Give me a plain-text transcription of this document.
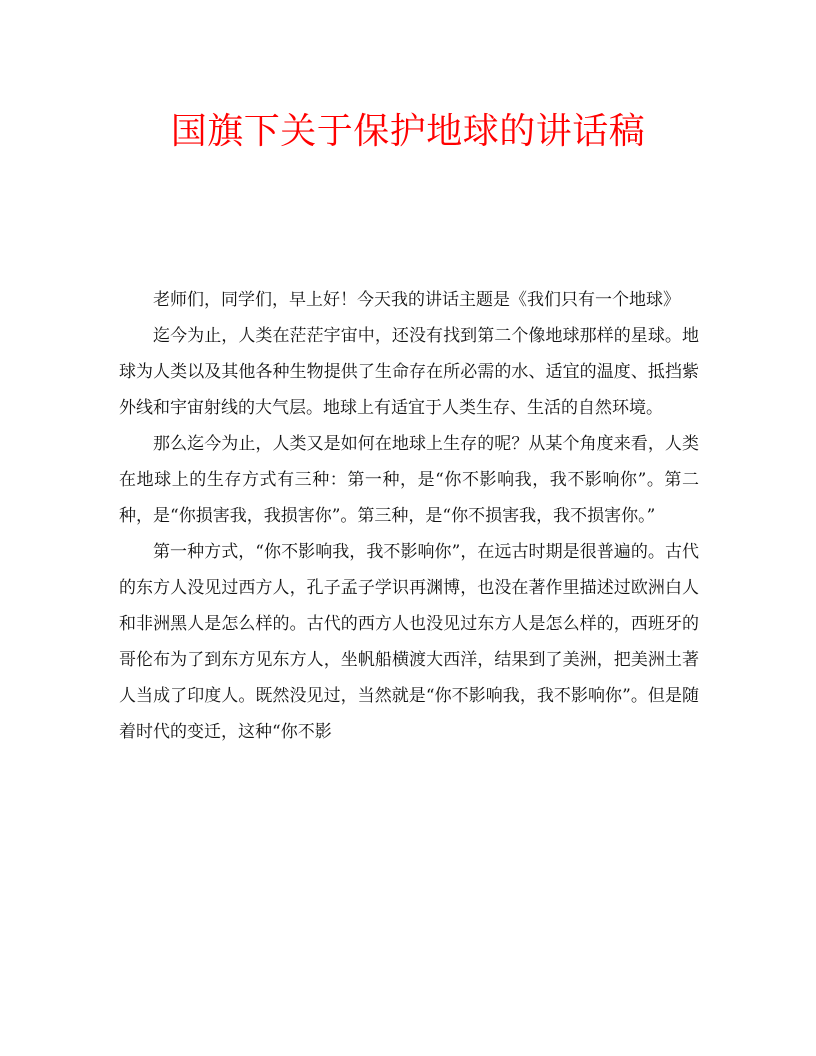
国旗下关于保护地球的讲话稿

老师们，同学们，早上好！今天我的讲话主题是《我们只有一个地球》

迄今为止，人类在茫茫宇宙中，还没有找到第二个像地球那样的星球。地球为人类以及其他各种生物提供了生命存在所必需的水、适宜的温度、抵挡紫外线和宇宙射线的大气层。地球上有适宜于人类生存、生活的自然环境。

那么迄今为止，人类又是如何在地球上生存的呢？从某个角度来看，人类在地球上的生存方式有三种：第一种，是“你不影响我，我不影响你”。第二种，是“你损害我，我损害你”。第三种，是“你不损害我，我不损害你。”

第一种方式，“你不影响我，我不影响你”，在远古时期是很普遍的。古代的东方人没见过西方人，孔子孟子学识再渊博，也没在著作里描述过欧洲白人和非洲黑人是怎么样的。古代的西方人也没见过东方人是怎么样的，西班牙的哥伦布为了到东方见东方人，坐帆船横渡大西洋，结果到了美洲，把美洲土著人当成了印度人。既然没见过，当然就是“你不影响我，我不影响你”。但是随着时代的变迁，这种“你不影
